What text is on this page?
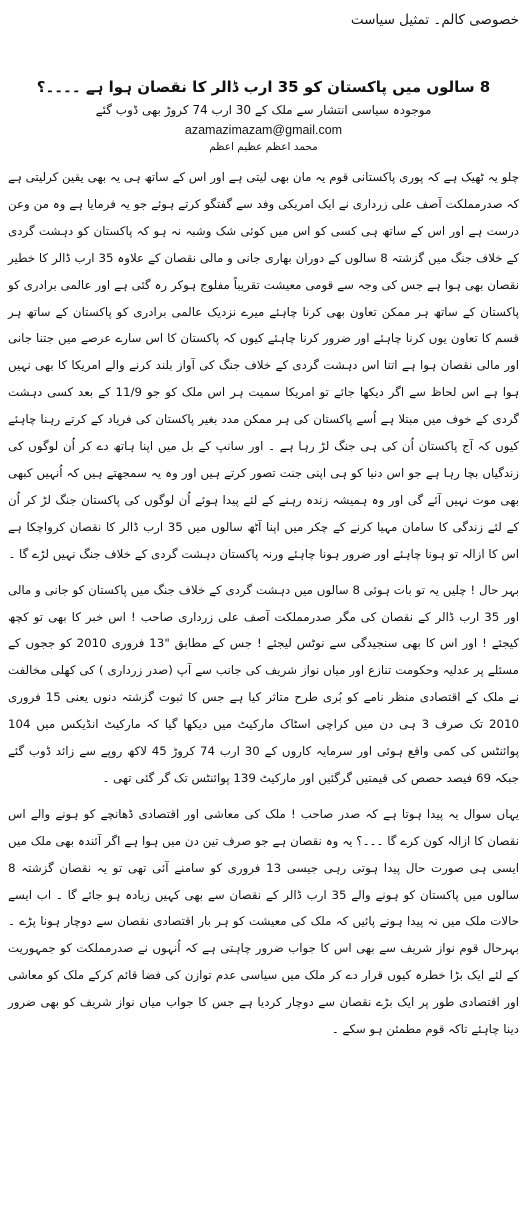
خصوصی کالم۔ تمثیل سیاست
8 سالوں میں پاکستان کو 35 ارب ڈالر کا نقصان ہوا ہے ۔۔۔۔؟
موجودہ سیاسی انتشار سے ملک کے 30 ارب 74 کروڑ بھی ڈوب گئے
azamazimazam@gmail.com
محمد اعظم عظیم اعظم

چلو یہ ٹھیک ہے کہ پوری پاکستانی قوم یہ مان بھی لیتی ہے اور اس کے ساتھ ہی یہ بھی یقین کرلیتی ہے کہ صدرمملکت آصف علی زرداری نے ایک امریکی وفد سے گفتگو کرتے ہوئے جو یہ فرمایا ہے وہ من وعن درست ہے اور اس کے ساتھ ہی کسی کو اس میں کوئی شک وشبہ نہ ہو کہ پاکستان کو دہشت گردی کے خلاف جنگ میں گزشتہ 8 سالوں کے دوران بھاری جانی و مالی نقصان کے علاوہ 35 ارب ڈالر کا خطیر نقصان بھی ہوا ہے جس کی وجہ سے قومی معیشت تقریباً مفلوج ہوکر رہ گئی ہے اور عالمی برادری کو پاکستان کے ساتھ ہر ممکن تعاون بھی کرنا چاہئے میرے نزدیک عالمی برادری کو پاکستان کے ساتھ ہر قسم کا تعاون یوں کرنا چاہئے اور ضرور کرنا چاہئے کیوں کہ پاکستان کا اس سارے عرصے میں جتنا جانی اور مالی نقصان ہوا ہے اتنا اس دہشت گردی کے خلاف جنگ کی آواز بلند کرنے والے امریکا کا بھی نہیں ہوا ہے اس لحاظ سے اگر دیکھا جائے تو امریکا سمیت ہر اس ملک کو جو 11/9 کے بعد کسی دہشت گردی کے خوف میں مبتلا ہے اُسے پاکستان کی ہر ممکن مدد بغیر پاکستان کی فریاد کے کرتے رہنا چاہئے کیوں کہ آج پاکستان اُن کی ہی جنگ لڑ رہا ہے ۔ اور سانپ کے بل میں اپنا ہاتھ دے کر اُن لوگوں کی زندگیاں بچا رہا ہے جو اس دنیا کو ہی اپنی جنت تصور کرتے ہیں اور وہ یہ سمجھتے ہیں کہ اُنہیں کبھی بھی موت نہیں آئے گی اور وہ ہمیشہ زندہ رہنے کے لئے پیدا ہوئے اُن لوگوں کی پاکستان جنگ لڑ کر اُن کے لئے زندگی کا سامان مہیا کرنے کے چکر میں اپنا آٹھ سالوں میں 35 ارب ڈالر کا نقصان کرواچکا ہے اس کا ازالہ تو ہونا چاہئے اور ضرور ہونا چاہئے ورنہ پاکستان دہشت گردی کے خلاف جنگ نہیں لڑے گا ۔

بہر حال ! چلیں یہ تو بات ہوئی 8 سالوں میں دہشت گردی کے خلاف جنگ میں پاکستان کو جانی و مالی اور 35 ارب ڈالر کے نقصان کی مگر صدرمملکت آصف علی زرداری صاحب ! اس خبر کا بھی تو کچھ کیجئے ! اور اس کا بھی سنجیدگی سے نوٹس لیجئے ! جس کے مطابق "13 فروری 2010 کو ججوں کے مسئلے پر عدلیہ وحکومت تنازع اور میاں نواز شریف کی جانب سے آپ (صدر زرداری ) کی کھلی مخالفت نے ملک کے اقتصادی منظر نامے کو بُری طرح متاثر کیا ہے جس کا ثبوت گزشتہ دنوں یعنی 15 فروری 2010 تک صرف 3 ہی دن میں کراچی اسٹاک مارکیٹ میں دیکھا گیا کہ مارکیٹ انڈیکس میں 104 پوائنٹس کی کمی واقع ہوئی اور سرمایہ کاروں کے 30 ارب 74 کروڑ 45 لاکھ روپے سے زائد ڈوب گئے جبکہ 69 فیصد حصص کی قیمتیں گرگئیں اور مارکیٹ 139 پوائنٹس تک گر گئی تھی ۔

یہاں سوال یہ پیدا ہوتا ہے کہ صدر صاحب ! ملک کی معاشی اور اقتصادی ڈھانچے کو ہونے والے اس نقصان کا ازالہ کون کرے گا ۔۔۔؟ یہ وہ نقصان ہے جو صرف تین دن میں ہوا ہے اگر آئندہ بھی ملک میں ایسی ہی صورت حال پیدا ہوتی رہی جیسی 13 فروری کو سامنے آئی تھی تو یہ نقصان گزشتہ 8 سالوں میں پاکستان کو ہونے والے 35 ارب ڈالر کے نقصان سے بھی کہیں زیادہ ہو جائے گا ۔ اب ایسے حالات ملک میں نہ پیدا ہونے پائیں کہ ملک کی معیشت کو ہر بار اقتصادی نقصان سے دوچار ہونا پڑے ۔ بہرحال قوم نواز شریف سے بھی اس کا جواب ضرور چاہتی ہے کہ اُنہوں نے صدرمملکت کو جمہوریت کے لئے ایک بڑا خطرہ کیوں قرار دے کر ملک میں سیاسی عدم توازن کی فضا قائم کرکے ملک کو معاشی اور اقتصادی طور پر ایک بڑے نقصان سے دوچار کردیا ہے جس کا جواب میاں نواز شریف کو بھی ضرور دینا چاہئے تاکہ قوم مطمئن ہو سکے ۔
